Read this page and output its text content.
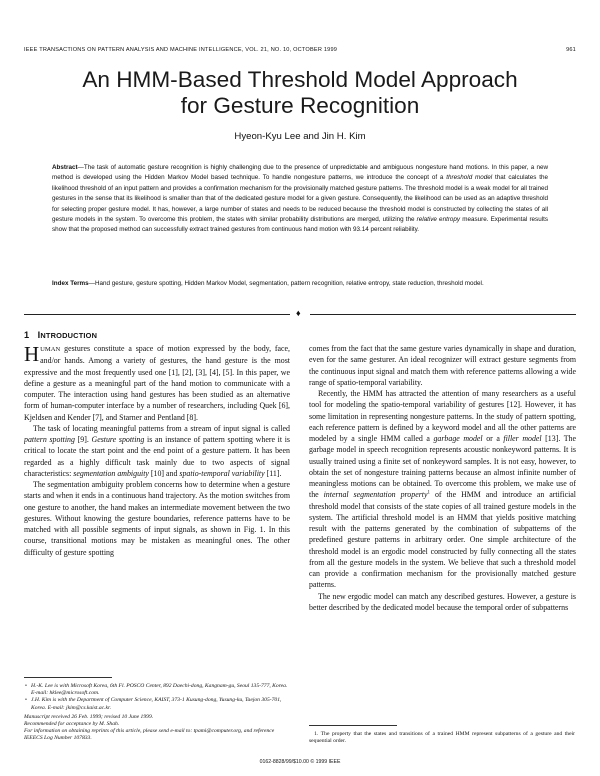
IEEE TRANSACTIONS ON PATTERN ANALYSIS AND MACHINE INTELLIGENCE, VOL. 21, NO. 10, OCTOBER 1999	961
An HMM-Based Threshold Model Approach
for Gesture Recognition
Hyeon-Kyu Lee and Jin H. Kim
Abstract—The task of automatic gesture recognition is highly challenging due to the presence of unpredictable and ambiguous nongesture hand motions. In this paper, a new method is developed using the Hidden Markov Model based technique. To handle nongesture patterns, we introduce the concept of a threshold model that calculates the likelihood threshold of an input pattern and provides a confirmation mechanism for the provisionally matched gesture patterns. The threshold model is a weak model for all trained gestures in the sense that its likelihood is smaller than that of the dedicated gesture model for a given gesture. Consequently, the likelihood can be used as an adaptive threshold for selecting proper gesture model. It has, however, a large number of states and needs to be reduced because the threshold model is constructed by collecting the states of all gesture models in the system. To overcome this problem, the states with similar probability distributions are merged, utilizing the relative entropy measure. Experimental results show that the proposed method can successfully extract trained gestures from continuous hand motion with 93.14 percent reliability.
Index Terms—Hand gesture, gesture spotting, Hidden Markov Model, segmentation, pattern recognition, relative entropy, state reduction, threshold model.
♦
1 INTRODUCTION

HUMAN gestures constitute a space of motion expressed by the body, face, and/or hands. Among a variety of gestures, the hand gesture is the most expressive and the most frequently used one [1], [2], [3], [4], [5]. In this paper, we define a gesture as a meaningful part of the hand motion to communicate with a computer. The interaction using hand gestures has been studied as an alternative form of human-computer interface by a number of researchers, including Quek [6], Kjeldsen and Kender [7], and Starner and Pentland [8].

The task of locating meaningful patterns from a stream of input signal is called pattern spotting [9]. Gesture spotting is an instance of pattern spotting where it is critical to locate the start point and the end point of a gesture pattern. It has been regarded as a highly difficult task mainly due to two aspects of signal characteristics: segmentation ambiguity [10] and spatio-temporal variability [11].

The segmentation ambiguity problem concerns how to determine when a gesture starts and when it ends in a continuous hand trajectory. As the motion switches from one gesture to another, the hand makes an intermediate movement between the two gestures. Without knowing the gesture boundaries, reference patterns have to be matched with all possible segments of input signals, as shown in Fig. 1. In this course, transitional motions may be mistaken as meaningful ones. The other difficulty of gesture spotting

• H.-K. Lee is with Microsoft Korea, 6th Fl. POSCO Center, 892 Daechi-dong, Kangnam-gu, Seoul 135-777, Korea. E-mail: hklee@microsoft.com.
• J.H. Kim is with the Department of Computer Science, KAIST, 373-1 Kusung-dong, Yusung-ku, Taejon 305-701, Korea. E-mail: jkim@cs.kaist.ac.kr.
Manuscript received 26 Feb. 1999; revised 10 June 1999.
Recommended for acceptance by M. Shah.
For information on obtaining reprints of this article, please send e-mail to: tpami@computer.org, and reference IEEECS Log Number 107833.

comes from the fact that the same gesture varies dynamically in shape and duration, even for the same gesturer. An ideal recognizer will extract gesture segments from the continuous input signal and match them with reference patterns allowing a wide range of spatio-temporal variability.

Recently, the HMM has attracted the attention of many researchers as a useful tool for modeling the spatio-temporal variability of gestures [12]. However, it has some limitation in representing nongesture patterns. In the study of pattern spotting, each reference pattern is defined by a keyword model and all the other patterns are modeled by a single HMM called a garbage model or a filler model [13]. The garbage model in speech recognition represents acoustic nonkeyword patterns. It is usually trained using a finite set of nonkeyword samples. It is not easy, however, to obtain the set of nongesture training patterns because an almost infinite number of meaningless motions can be obtained. To overcome this problem, we make use of the internal segmentation property$^1$ of the HMM and introduce an artificial threshold model that consists of the state copies of all trained gesture models in the system. The artificial threshold model is an HMM that yields positive matching result with the patterns generated by the combination of subpatterns of the predefined gesture patterns in arbitrary order. One simple architecture of the threshold model is an ergodic model constructed by fully connecting all the states from all the gesture models in the system. We believe that such a threshold model can provide a confirmation mechanism for the provisionally matched gesture patterns.

The new ergodic model can match any described gestures. However, a gesture is better described by the dedicated model because the temporal order of subpatterns

1. The property that the states and transitions of a trained HMM represent subpatterns of a gesture and their sequential order.
0162-8828/99/$10.00 © 1999 IEEE
